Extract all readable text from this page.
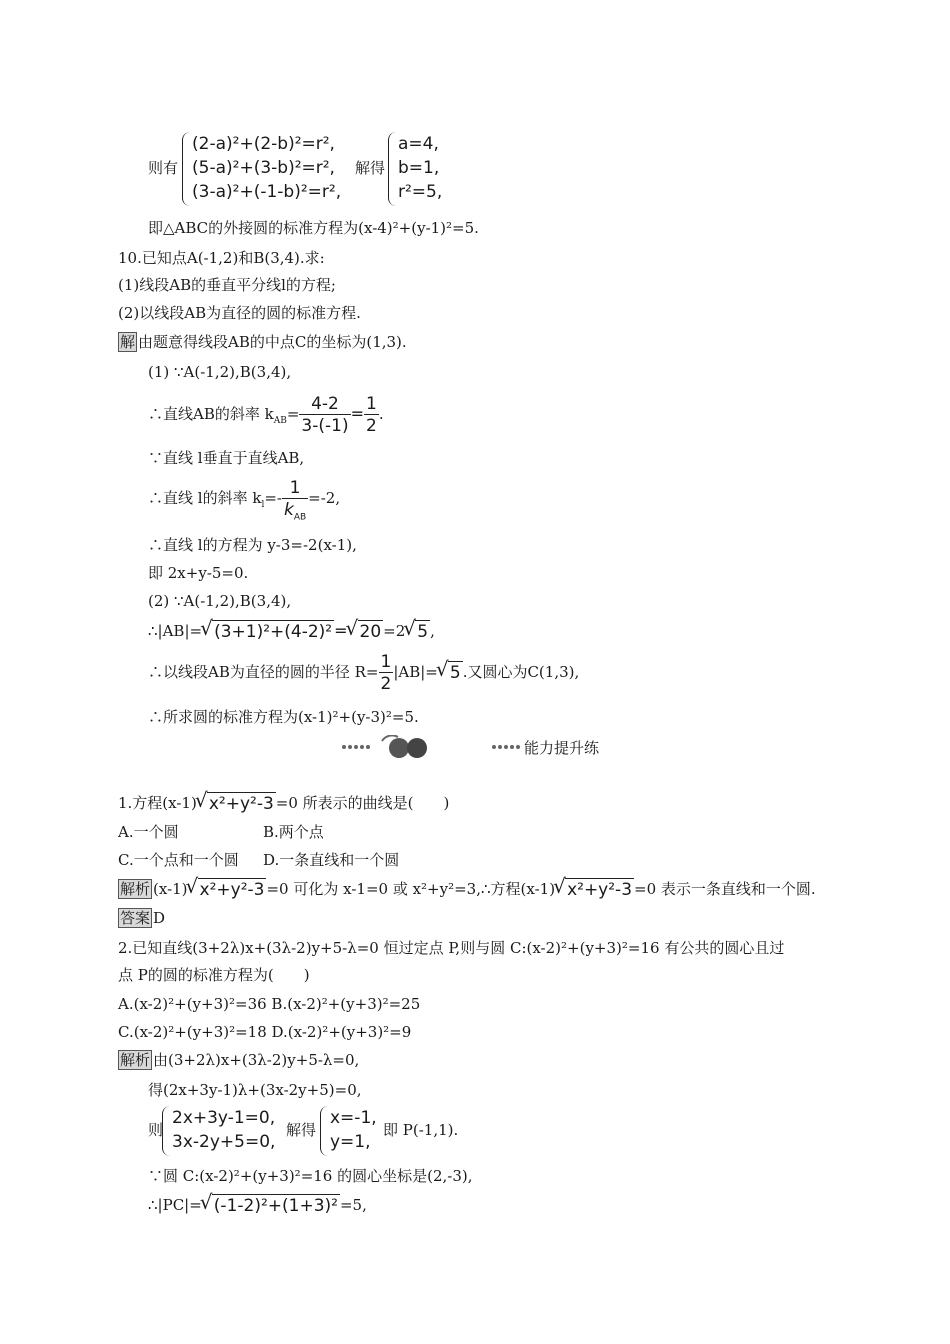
则有
(2-a)²+(2-b)²=r²,
(5-a)²+(3-b)²=r²,
(3-a)²+(-1-b)²=r²,
解得
a=4,
b=1,
r²=5,
即△ABC的外接圆的标准方程为(x-4)²+(y-1)²=5.
10.已知点A(-1,2)和B(3,4).求:
(1)线段AB的垂直平分线l的方程;
(2)以线段AB为直径的圆的标准方程.
解 由题意得线段AB的中点C的坐标为(1,3).
(1) ∵A(-1,2),B(3,4),
∴直线AB的斜率 $k_{AB}= \frac{4-2}{3-(-1)} = \frac{1}{2}$ .
∵直线 l垂直于直线AB,
∴直线 l的斜率 $k_l=- \frac{1}{k_{AB}} =-2$,
∴直线 l的方程为 y-3=-2(x-1),
即 2x+y-5=0.
(2) ∵A(-1,2),B(3,4),
∴|AB|=√ (3+1)²+(4-2)² =√ 20 =2√ 5 ,
∴以线段AB为直径的圆的半径 $R= \frac{1}{2} |AB|=√$ 5 .又圆心为C(1,3),
∴所求圆的标准方程为(x-1)²+(y-3)²=5.
能力提升练
1.方程(x-1)√ x²+y²-3 =0 所表示的曲线是(　　)
A.一个圆	B.两个点
C.一个点和一个圆 D.一条直线和一个圆
解析 (x-1)√ x²+y²-3 =0 可化为 x-1=0 或 x²+y²=3,∴方程(x-1)√ x²+y²-3 =0 表示一条直线和一个圆.
答案 D
2.已知直线(3+2λ)x+(3λ-2)y+5-λ=0 恒过定点 P,则与圆 C:(x-2)²+(y+3)²=16 有公共的圆心且过
点 P的圆的标准方程为(　　)
A.(x-2)²+(y+3)²=36 B.(x-2)²+(y+3)²=25
C.(x-2)²+(y+3)²=18 D.(x-2)²+(y+3)²=9
解析 由(3+2λ)x+(3λ-2)y+5-λ=0,
得(2x+3y-1)λ+(3x-2y+5)=0,
则
2x+3y-1=0,
3x-2y+5=0,
解得
x=-1,
y=1,
即 P(-1,1).
∵圆 C:(x-2)²+(y+3)²=16 的圆心坐标是(2,-3),
∴|PC|=√ (-1-2)²+(1+3)² =5,
